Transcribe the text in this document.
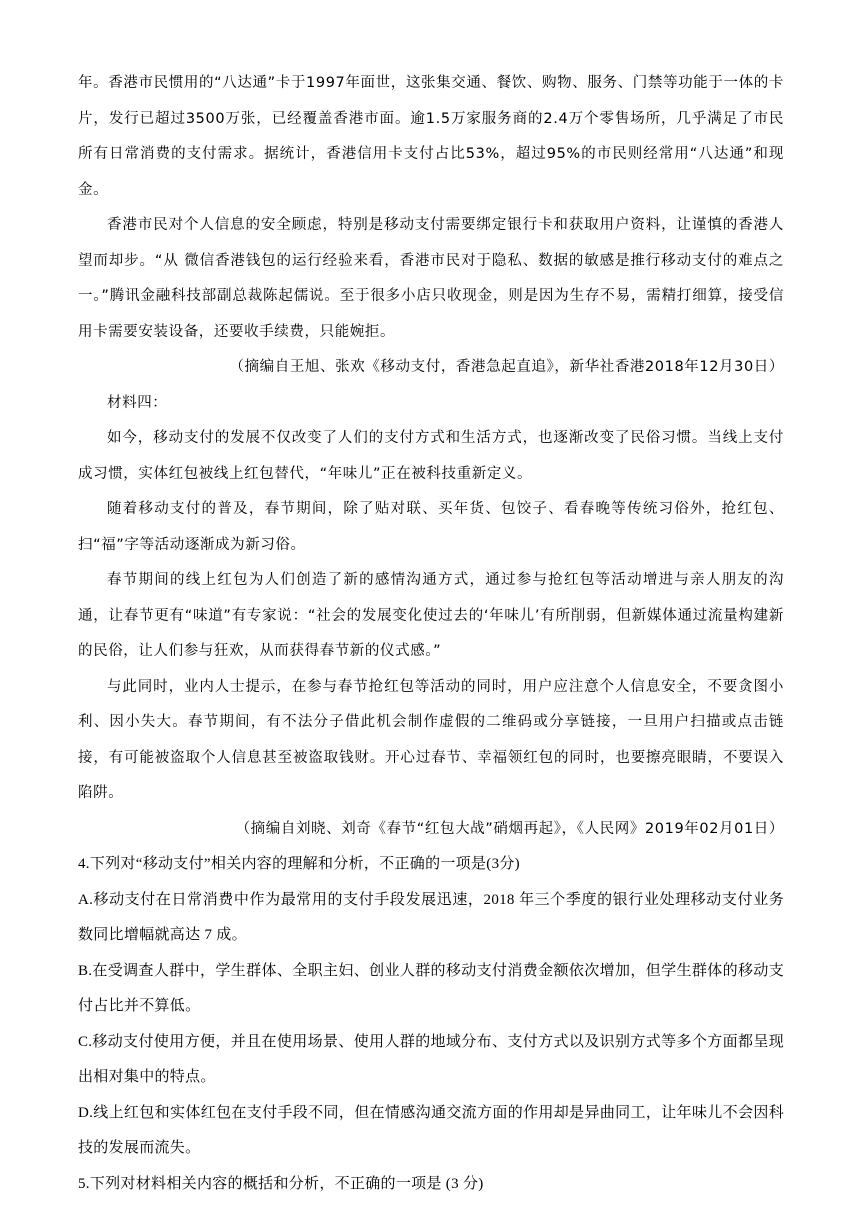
年。香港市民惯用的“八达通”卡于1997年面世，这张集交通、餐饮、购物、服务、门禁等功能于一体的卡片，发行已超过3500万张，已经覆盖香港市面。逾1.5万家服务商的2.4万个零售场所，几乎满足了市民所有日常消费的支付需求。据统计，香港信用卡支付占比53%，超过95%的市民则经常用“八达通”和现金。

香港市民对个人信息的安全顾虑，特别是移动支付需要绑定银行卡和获取用户资料，让谨慎的香港人望而却步。“从 微信香港钱包的运行经验来看，香港市民对于隐私、数据的敏感是推行移动支付的难点之一。”腾讯金融科技部副总裁陈起儒说。至于很多小店只收现金，则是因为生存不易，需精打细算，接受信用卡需要安装设备，还要收手续费，只能婉拒。

（摘编自王旭、张欢《移动支付，香港急起直追》，新华社香港2018年12月30日）

材料四：

如今，移动支付的发展不仅改变了人们的支付方式和生活方式，也逐渐改变了民俗习惯。当线上支付成习惯，实体红包被线上红包替代，“年味儿”正在被科技重新定义。

随着移动支付的普及，春节期间，除了贴对联、买年货、包饺子、看春晚等传统习俗外，抢红包、扫“福”字等活动逐渐成为新习俗。

春节期间的线上红包为人们创造了新的感情沟通方式，通过参与抢红包等活动增进与亲人朋友的沟通，让春节更有“味道”有专家说：“社会的发展变化使过去的‘年味儿’有所削弱，但新媒体通过流量构建新的民俗，让人们参与狂欢，从而获得春节新的仪式感。”

与此同时，业内人士提示，在参与春节抢红包等活动的同时，用户应注意个人信息安全，不要贪图小利、因小失大。春节期间，有不法分子借此机会制作虚假的二维码或分享链接，一旦用户扫描或点击链接，有可能被盗取个人信息甚至被盗取钱财。开心过春节、幸福领红包的同时，也要擦亮眼睛，不要误入陷阱。

（摘编自刘晓、刘奇《春节“红包大战”硝烟再起》，《人民网》2019年02月01日）

4.下列对“移动支付”相关内容的理解和分析，不正确的一项是(3分)

A.移动支付在日常消费中作为最常用的支付手段发展迅速，2018 年三个季度的银行业处理移动支付业务数同比增幅就高达 7 成。

B.在受调查人群中，学生群体、全职主妇、创业人群的移动支付消费金额依次增加，但学生群体的移动支付占比并不算低。

C.移动支付使用方便，并且在使用场景、使用人群的地域分布、支付方式以及识别方式等多个方面都呈现出相对集中的特点。

D.线上红包和实体红包在支付手段不同，但在情感沟通交流方面的作用却是异曲同工，让年味儿不会因科技的发展而流失。

5.下列对材料相关内容的概括和分析，不正确的一项是 (3 分)
